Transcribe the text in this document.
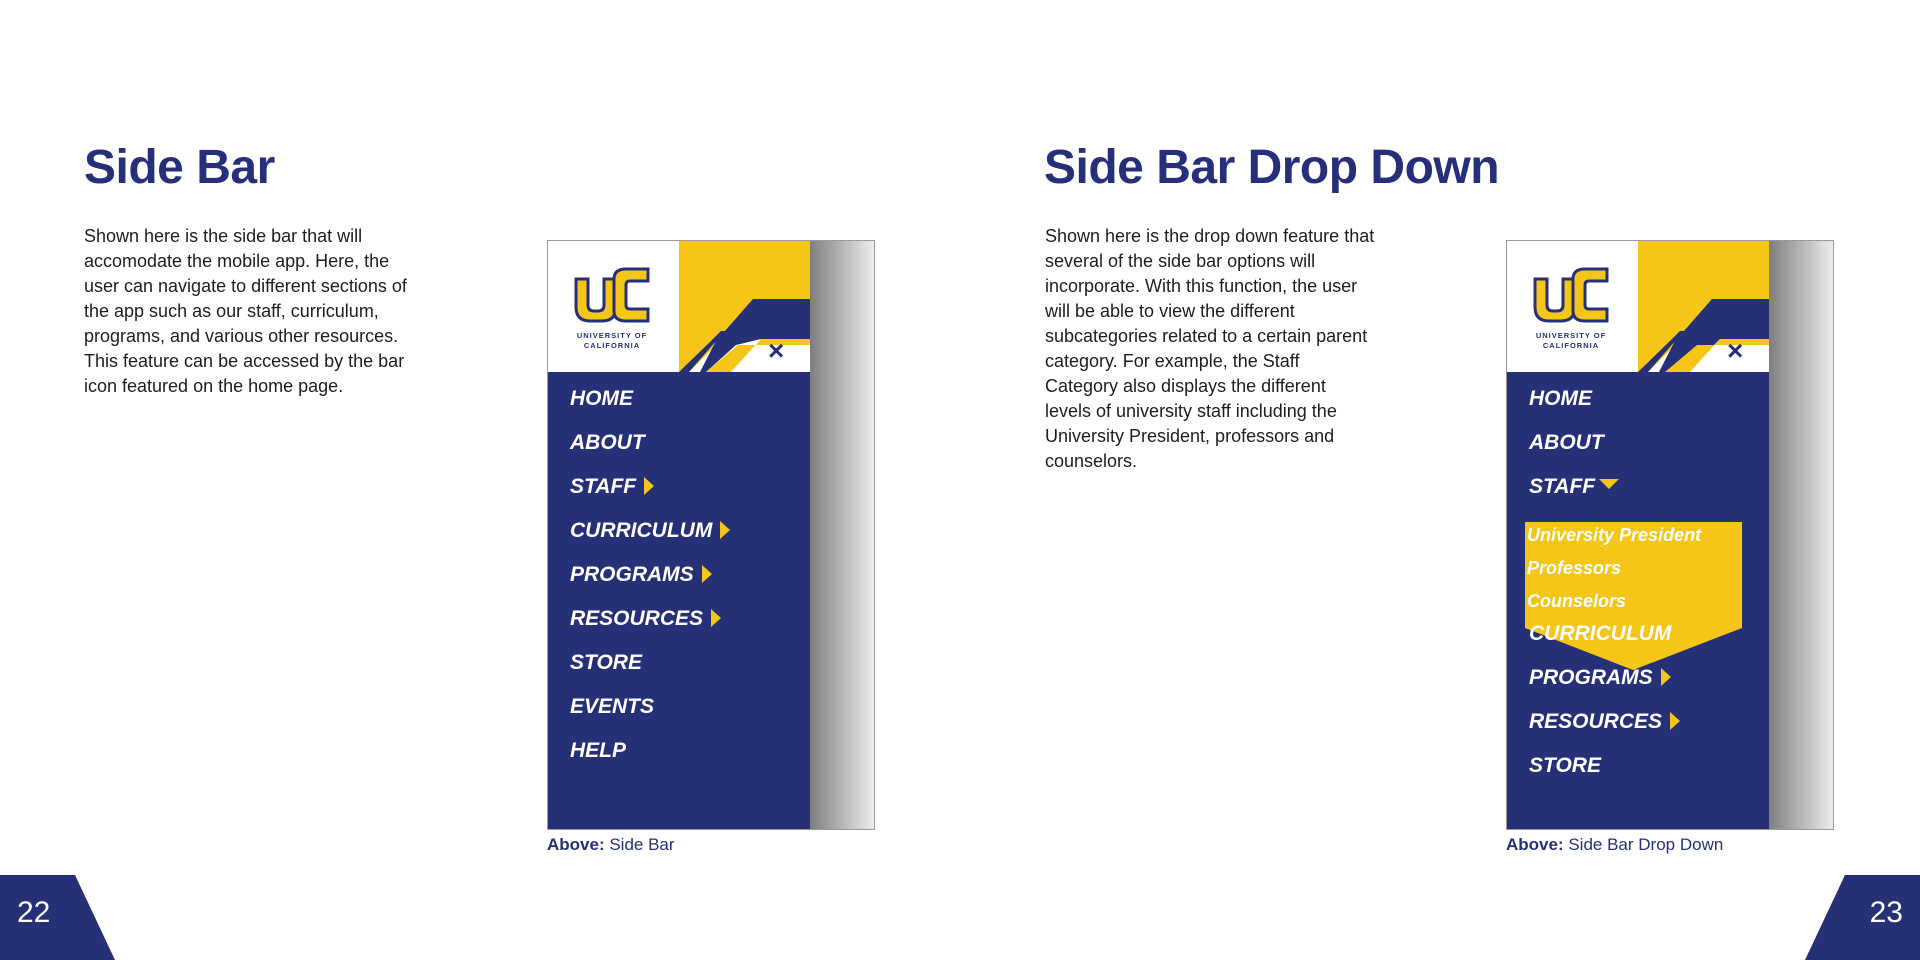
Side Bar

Shown here is the side bar that will accomodate the mobile app. Here, the user can navigate to different sections of the app such as our staff, curriculum, programs, and various other resources. This feature can be accessed by the bar icon featured on the home page.

UNIVERSITY OF
CALIFORNIA	×
HOME
ABOUT
STAFF
CURRICULUM
PROGRAMS
RESOURCES
STORE
EVENTS
HELP

Above: Side Bar

22
Side Bar Drop Down

Shown here is the drop down feature that several of the side bar options will incorporate. With this function, the user will be able to view the different subcategories related to a certain parent category. For example, the Staff Category also displays the different levels of university staff including the University President, professors and counselors.

UNIVERSITY OF
CALIFORNIA	×
University President
Professors
Counselors
HOME
ABOUT
STAFF
CURRICULUM
PROGRAMS
RESOURCES
STORE

Above: Side Bar Drop Down

23
